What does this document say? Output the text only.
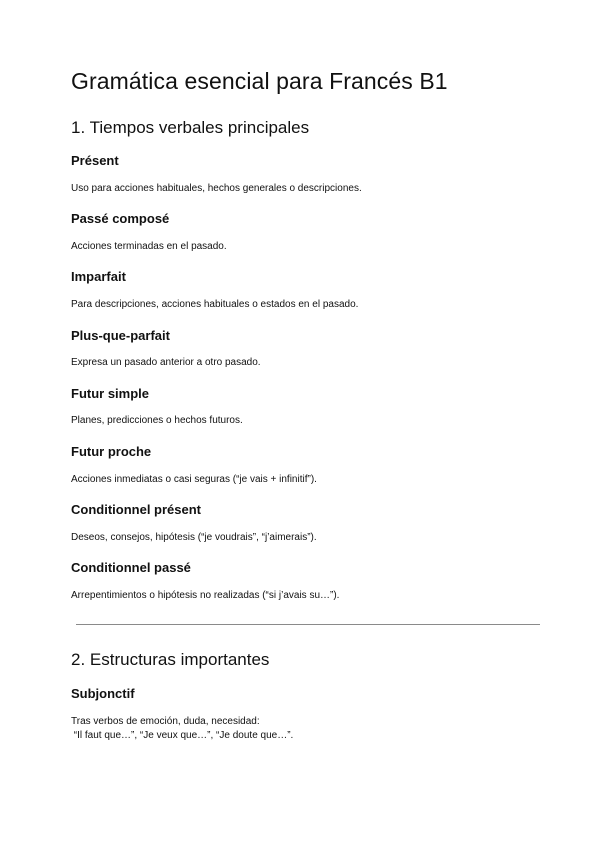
Gramática esencial para Francés B1
1. Tiempos verbales principales
Présent

Uso para acciones habituales, hechos generales o descripciones.

Passé composé

Acciones terminadas en el pasado.

Imparfait

Para descripciones, acciones habituales o estados en el pasado.

Plus-que-parfait

Expresa un pasado anterior a otro pasado.

Futur simple

Planes, predicciones o hechos futuros.

Futur proche

Acciones inmediatas o casi seguras (“je vais + infinitif”).

Conditionnel présent

Deseos, consejos, hipótesis (“je voudrais”, “j’aimerais”).

Conditionnel passé

Arrepentimientos o hipótesis no realizadas (“si j’avais su…”).

2. Estructuras importantes
Subjonctif

Tras verbos de emoción, duda, necesidad:

“Il faut que…”, “Je veux que…”, “Je doute que…”.
